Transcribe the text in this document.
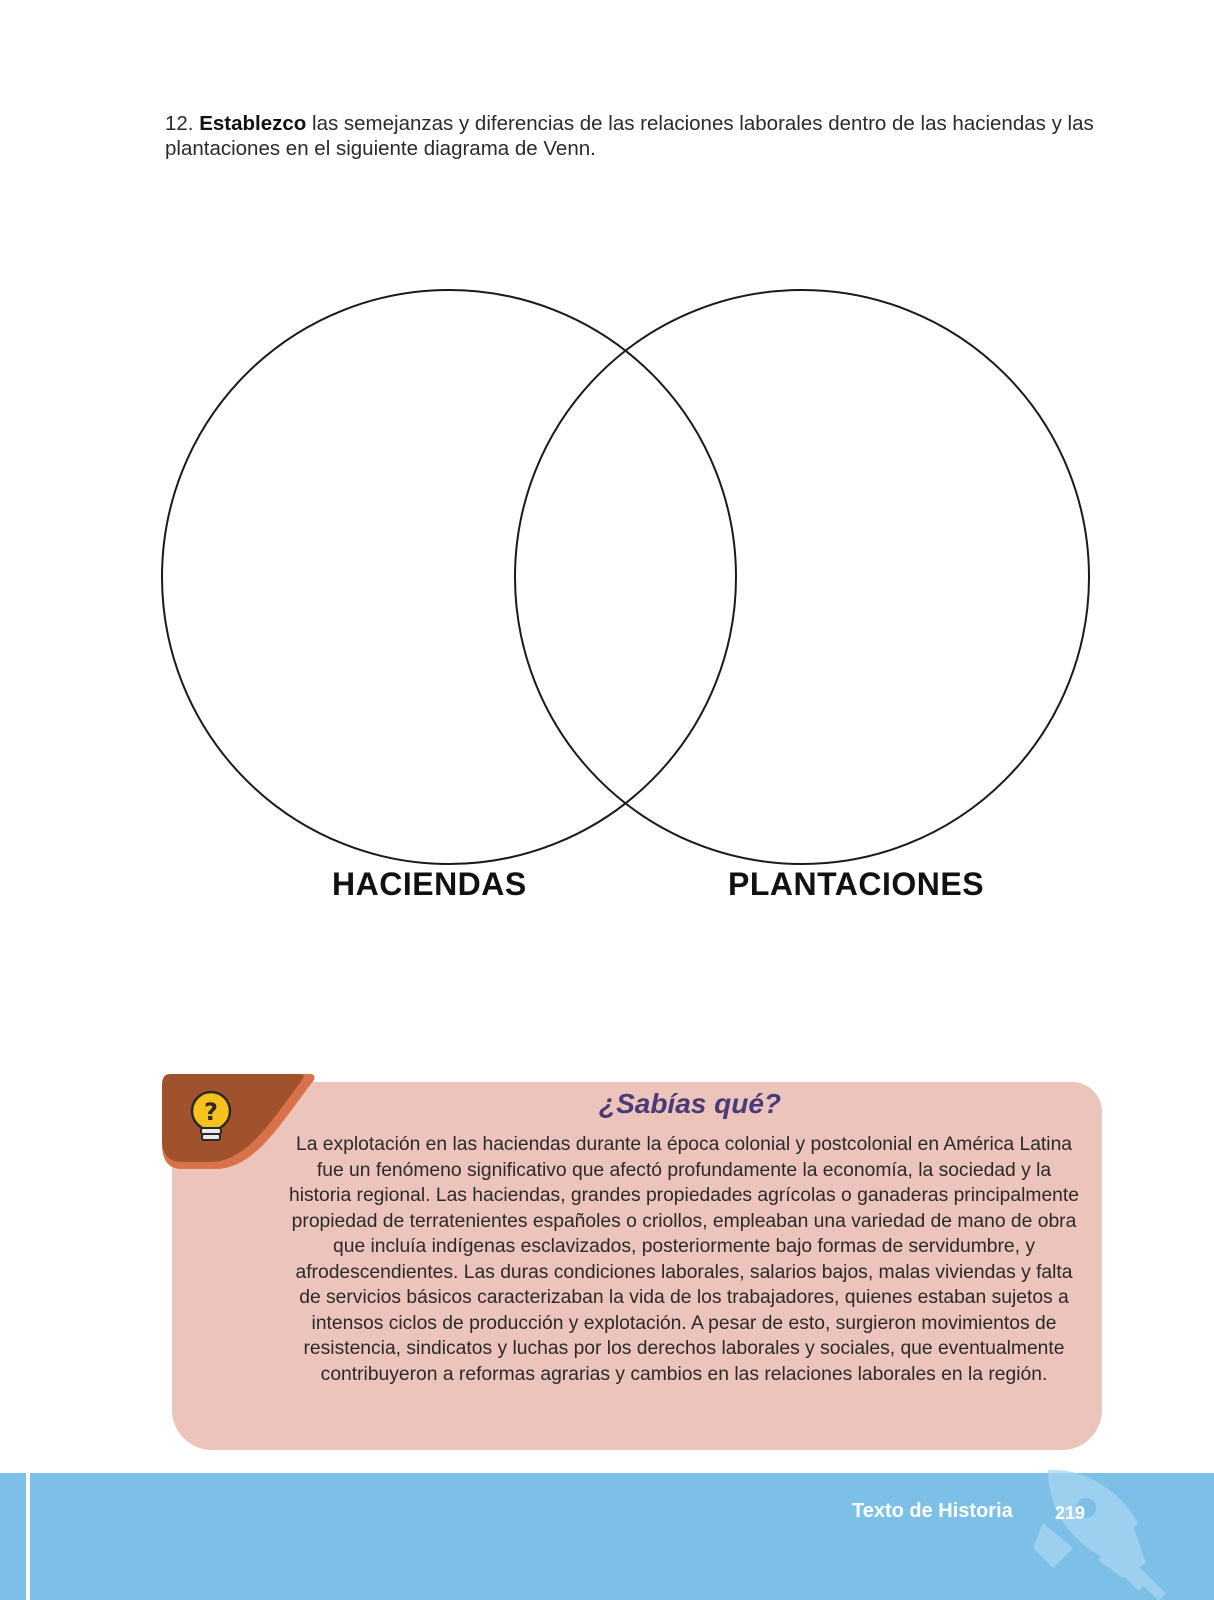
12. Establezco las semejanzas y diferencias de las relaciones laborales dentro de las haciendas y las plantaciones en el siguiente diagrama de Venn.
HACIENDAS	PLANTACIONES
?	¿Sabías qué?
La explotación en las haciendas durante la época colonial y postcolonial en América Latina fue un fenómeno significativo que afectó profundamente la economía, la sociedad y la historia regional. Las haciendas, grandes propiedades agrícolas o ganaderas principalmente propiedad de terratenientes españoles o criollos, empleaban una variedad de mano de obra que incluía indígenas esclavizados, posteriormente bajo formas de servidumbre, y afrodescendientes. Las duras condiciones laborales, salarios bajos, malas viviendas y falta de servicios básicos caracterizaban la vida de los trabajadores, quienes estaban sujetos a intensos ciclos de producción y explotación. A pesar de esto, surgieron movimientos de resistencia, sindicatos y luchas por los derechos laborales y sociales, que eventualmente contribuyeron a reformas agrarias y cambios en las relaciones laborales en la región.
Texto de Historia 219
